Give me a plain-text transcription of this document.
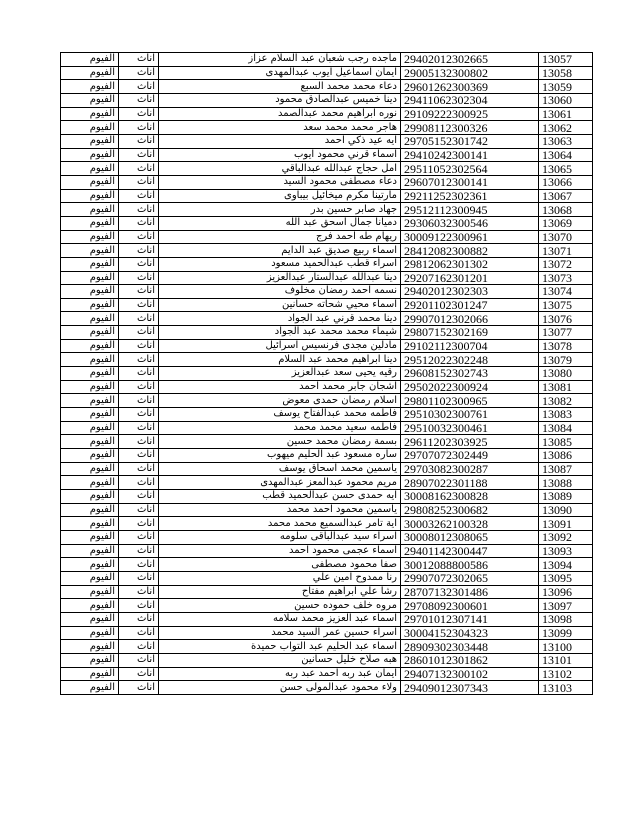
الفيوم	اناث	ماجده رجب شعبان عبد السلام عزاز	29402012302665	13057
الفيوم	اناث	ايمان اسماعيل ايوب عبدالمهدى	29005132300802	13058
الفيوم	اناث	دعاء محمد محمد السبع	29601262300369	13059
الفيوم	اناث	دينا خميس عبدالصادق محمود	29411062302304	13060
الفيوم	اناث	نوره ابراهيم محمد عبدالصمد	29109222300925	13061
الفيوم	اناث	هاجر محمد محمد سعد	29908112300326	13062
الفيوم	اناث	ايه عيد ذكي احمد	29705152301742	13063
الفيوم	اناث	اسماء قرني محمود ايوب	29410242300141	13064
الفيوم	اناث	امل حجاج عبدالله عبدالباقي	29511052302564	13065
الفيوم	اناث	دعاء مصطفى محمود السيد	29607012300141	13066
الفيوم	اناث	مارتينا مكرم ميخائيل بيباوى	29211252302361	13067
الفيوم	اناث	جهاد صابر حسين بدر	29512112300945	13068
الفيوم	اناث	دميانا جمال اسحق عبد الله	29306032300546	13069
الفيوم	اناث	ريهام طه احمد فرج	30009122300961	13070
الفيوم	اناث	اسماء ربيع صديق عبد الدايم	28412082300882	13071
الفيوم	اناث	اسراء قطب عبدالحميد مسعود	29812062301302	13072
الفيوم	اناث	دينا عبدالله عبدالستار عبدالعزيز	29207162301201	13073
الفيوم	اناث	نسمه احمد رمضان مخلوف	29402012302303	13074
الفيوم	اناث	اسماء محيي شحاته حسانين	29201102301247	13075
الفيوم	اناث	دينا محمد قرني عبد الجواد	29907012302066	13076
الفيوم	اناث	شيماء محمد محمد عبد الجواد	29807152302169	13077
الفيوم	اناث	مادلين مجدى فرنسيس اسرائيل	29102112300704	13078
الفيوم	اناث	دينا ابراهيم محمد عبد السلام	29512022302248	13079
الفيوم	اناث	رقيه يحيى سعد عبدالعزيز	29608152302743	13080
الفيوم	اناث	اشجان جابر محمد احمد	29502022300924	13081
الفيوم	اناث	اسلام رمضان حمدى معوض	29801102300965	13082
الفيوم	اناث	فاطمه محمد عبدالفتاح يوسف	29510302300761	13083
الفيوم	اناث	فاطمه سعيد محمد محمد	29510032300461	13084
الفيوم	اناث	بسمة رمضان محمد حسين	29611202303925	13085
الفيوم	اناث	ساره مسعود عبد الحليم ميهوب	29707072302449	13086
الفيوم	اناث	ياسمين محمد اسحاق يوسف	29703082300287	13087
الفيوم	اناث	مريم محمود عبدالمعز عبدالمهدى	28907022301188	13088
الفيوم	اناث	ايه حمدى حسن عبدالحميد قطب	30008162300828	13089
الفيوم	اناث	ياسمين محمود احمد محمد	29808252300682	13090
الفيوم	اناث	اية تامر عبدالسميع محمد محمد	30003262100328	13091
الفيوم	اناث	اسراء سيد عبدالباقى سلومه	30008012308065	13092
الفيوم	اناث	اسماء عجمى محمود احمد	29401142300447	13093
الفيوم	اناث	صفا محمود مصطفى	30012088800586	13094
الفيوم	اناث	رنا ممدوح امين علي	29907072302065	13095
الفيوم	اناث	رشا علي ابراهيم مفتاح	28707132301486	13096
الفيوم	اناث	مروه خلف حموده حسين	29708092300601	13097
الفيوم	اناث	اسماء عبد العزيز محمد سلامه	29701012307141	13098
الفيوم	اناث	اسراء حسين عمر السيد محمد	30004152304323	13099
الفيوم	اناث	اسماء عبد الحليم عبد التواب حميدة	28909302303448	13100
الفيوم	اناث	هبه صلاح خليل حسانين	28601012301862	13101
الفيوم	اناث	ايمان عبد ربه احمد عبد ربه	29407132300102	13102
الفيوم	اناث	ولاء محمود عبدالمولى حسن	29409012307343	13103
